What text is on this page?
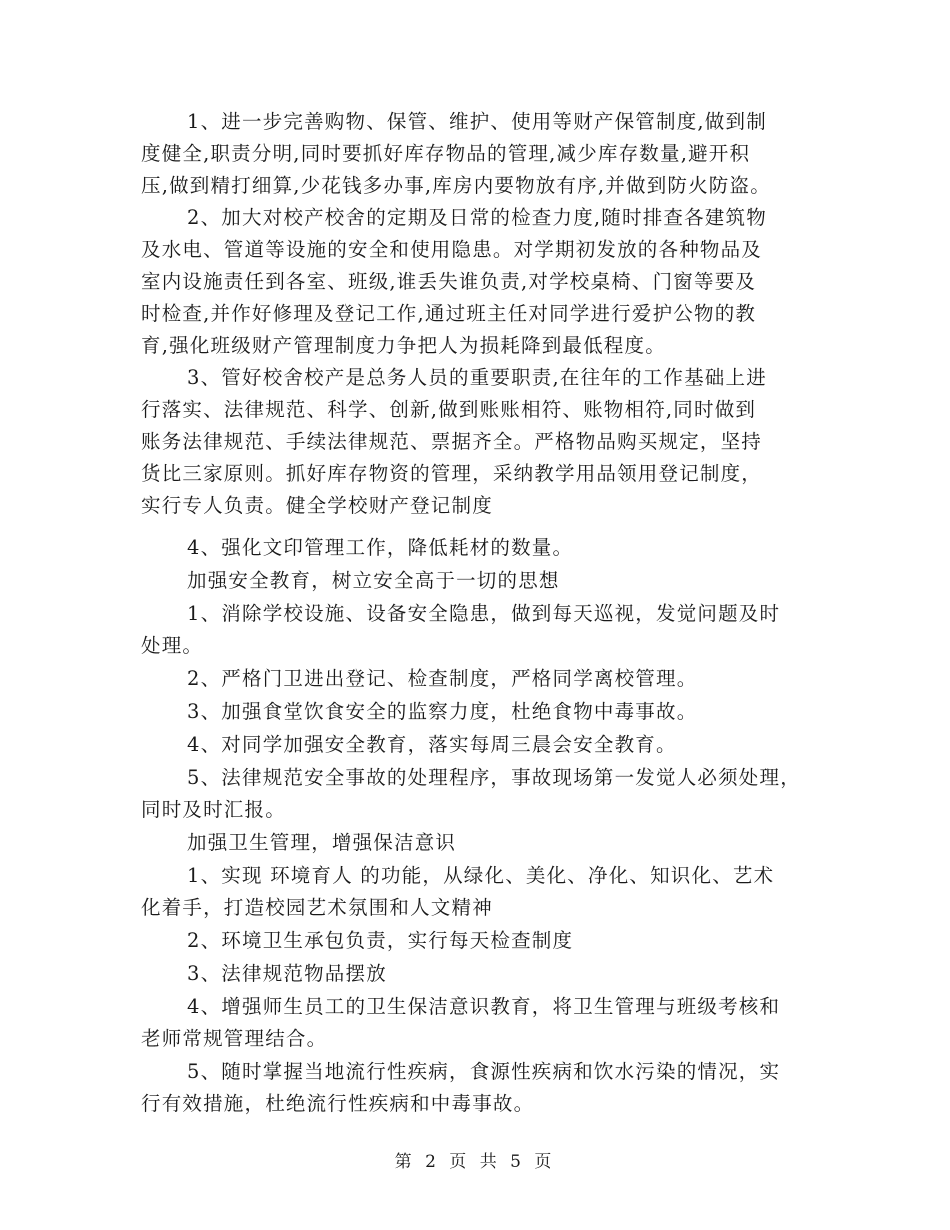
1、进一步完善购物、保管、维护、使用等财产保管制度,做到制
度健全,职责分明,同时要抓好库存物品的管理,减少库存数量,避开积
压,做到精打细算,少花钱多办事,库房内要物放有序,并做到防火防盗。
2、加大对校产校舍的定期及日常的检查力度,随时排查各建筑物
及水电、管道等设施的安全和使用隐患。对学期初发放的各种物品及
室内设施责任到各室、班级,谁丢失谁负责,对学校桌椅、门窗等要及
时检查,并作好修理及登记工作,通过班主任对同学进行爱护公物的教
育,强化班级财产管理制度力争把人为损耗降到最低程度。
3、管好校舍校产是总务人员的重要职责,在往年的工作基础上进
行落实、法律规范、科学、创新,做到账账相符、账物相符,同时做到
账务法律规范、手续法律规范、票据齐全。严格物品购买规定，坚持
货比三家原则。抓好库存物资的管理，采纳教学用品领用登记制度，
实行专人负责。健全学校财产登记制度
4、强化文印管理工作，降低耗材的数量。
加强安全教育，树立安全高于一切的思想
1、消除学校设施、设备安全隐患，做到每天巡视，发觉问题及时
处理。
2、严格门卫进出登记、检查制度，严格同学离校管理。
3、加强食堂饮食安全的监察力度，杜绝食物中毒事故。
4、对同学加强安全教育，落实每周三晨会安全教育。
5、法律规范安全事故的处理程序，事故现场第一发觉人必须处理，
同时及时汇报。
加强卫生管理，增强保洁意识
1、实现 环境育人 的功能，从绿化、美化、净化、知识化、艺术
化着手，打造校园艺术氛围和人文精神
2、环境卫生承包负责，实行每天检查制度
3、法律规范物品摆放
4、增强师生员工的卫生保洁意识教育，将卫生管理与班级考核和
老师常规管理结合。
5、随时掌握当地流行性疾病，食源性疾病和饮水污染的情况，实
行有效措施，杜绝流行性疾病和中毒事故。
第 2 页 共 5 页
